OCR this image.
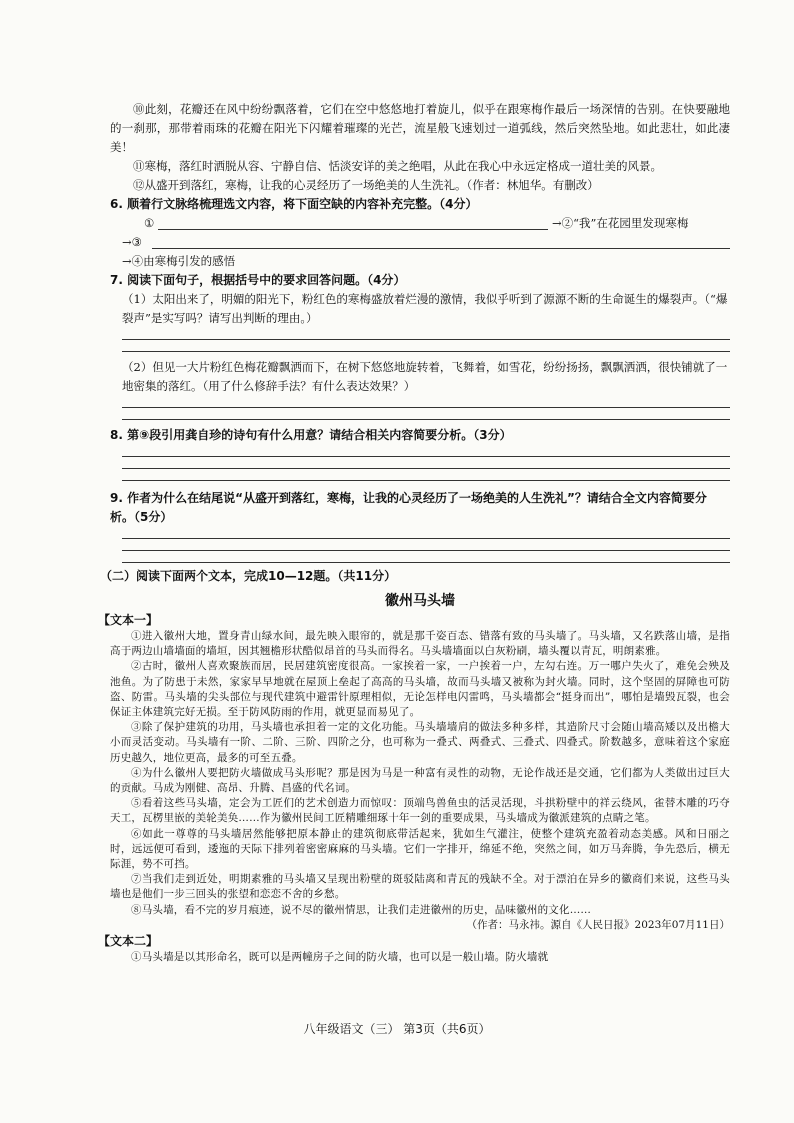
⑩此刻，花瓣还在风中纷纷飘落着，它们在空中悠悠地打着旋儿，似乎在跟寒梅作最后一场深情的告别。在快要融地的一刹那，那带着雨珠的花瓣在阳光下闪耀着璀璨的光芒，流星般飞速划过一道弧线，然后突然坠地。如此悲壮，如此凄美！

⑪寒梅，落红时洒脱从容、宁静自信、恬淡安详的美之绝唱，从此在我心中永远定格成一道壮美的风景。

⑫从盛开到落红，寒梅，让我的心灵经历了一场绝美的人生洗礼。（作者：林旭华。有删改）

6. 顺着行文脉络梳理选文内容，将下面空缺的内容补充完整。（4分）

①	→②“我”在花园里发现寒梅
→③
→④由寒梅引发的感悟

7. 阅读下面句子，根据括号中的要求回答问题。（4分）

（1）太阳出来了，明媚的阳光下，粉红色的寒梅盛放着烂漫的激情，我似乎听到了源源不断的生命诞生的爆裂声。（“爆裂声”是实写吗？请写出判断的理由。）

（2）但见一大片粉红色梅花瓣飘洒而下，在树下悠悠地旋转着，飞舞着，如雪花，纷纷扬扬，飘飘洒洒，很快铺就了一地密集的落红。（用了什么修辞手法？有什么表达效果？）

8. 第⑨段引用龚自珍的诗句有什么用意？请结合相关内容简要分析。（3分）

9. 作者为什么在结尾说“从盛开到落红，寒梅，让我的心灵经历了一场绝美的人生洗礼”？请结合全文内容简要分析。（5分）

（二）阅读下面两个文本，完成10—12题。（共11分）

徽州马头墙

【文本一】

①进入徽州大地，置身青山绿水间，最先映入眼帘的，就是那千姿百态、错落有致的马头墙了。马头墙，又名跌落山墙，是指高于两边山墙墙面的墙垣，因其翘檐形状酷似昂首的马头而得名。马头墙墙面以白灰粉刷，墙头覆以青瓦，明朗素雅。

②古时，徽州人喜欢聚族而居，民居建筑密度很高。一家挨着一家，一户挨着一户，左勾右连。万一哪户失火了，难免会殃及池鱼。为了防患于未然，家家早早地就在屋顶上垒起了高高的马头墙，故而马头墙又被称为封火墙。同时，这个坚固的屏障也可防盗、防雷。马头墙的尖头部位与现代建筑中避雷针原理相似，无论怎样电闪雷鸣，马头墙都会“挺身而出”，哪怕是墙毁瓦裂，也会保证主体建筑完好无损。至于防风防雨的作用，就更显而易见了。

③除了保护建筑的功用，马头墙也承担着一定的文化功能。马头墙墙肩的做法多种多样，其造阶尺寸会随山墙高矮以及出檐大小而灵活变动。马头墙有一阶、二阶、三阶、四阶之分，也可称为一叠式、两叠式、三叠式、四叠式。阶数越多，意味着这个家庭历史越久，地位更高，最多的可至五叠。

④为什么徽州人要把防火墙做成马头形呢？那是因为马是一种富有灵性的动物，无论作战还是交通，它们都为人类做出过巨大的贡献。马成为刚健、高昂、升腾、昌盛的代名词。

⑤看着这些马头墙，定会为工匠们的艺术创造力而惊叹：顶端鸟兽鱼虫的活灵活现，斗拱粉壁中的祥云绕风，雀替木雕的巧夺天工，瓦楞里嵌的美轮美奂……作为徽州民间工匠精雕细琢十年一剑的重要成果，马头墙成为徽派建筑的点睛之笔。

⑥如此一尊尊的马头墙居然能够把原本静止的建筑彻底带活起来，犹如生气灌注，使整个建筑充盈着动态美感。风和日丽之时，远远便可看到，逶迤的天际下排列着密密麻麻的马头墙。它们一字排开，绵延不绝，突然之间，如万马奔腾，争先恐后，横无际涯，势不可挡。

⑦当我们走到近处，明期素雅的马头墙又呈现出粉壁的斑驳陆离和青瓦的残缺不全。对于漂泊在异乡的徽商们来说，这些马头墙也是他们一步三回头的张望和恋恋不舍的乡愁。

⑧马头墙，看不完的岁月痕迹，说不尽的徽州情思，让我们走进徽州的历史，品味徽州的文化……

（作者：马永祎。源自《人民日报》2023年07月11日）

【文本二】

①马头墙是以其形命名，既可以是两幢房子之间的防火墙，也可以是一般山墙。防火墙就

八年级语文（三） 第3页（共6页）
